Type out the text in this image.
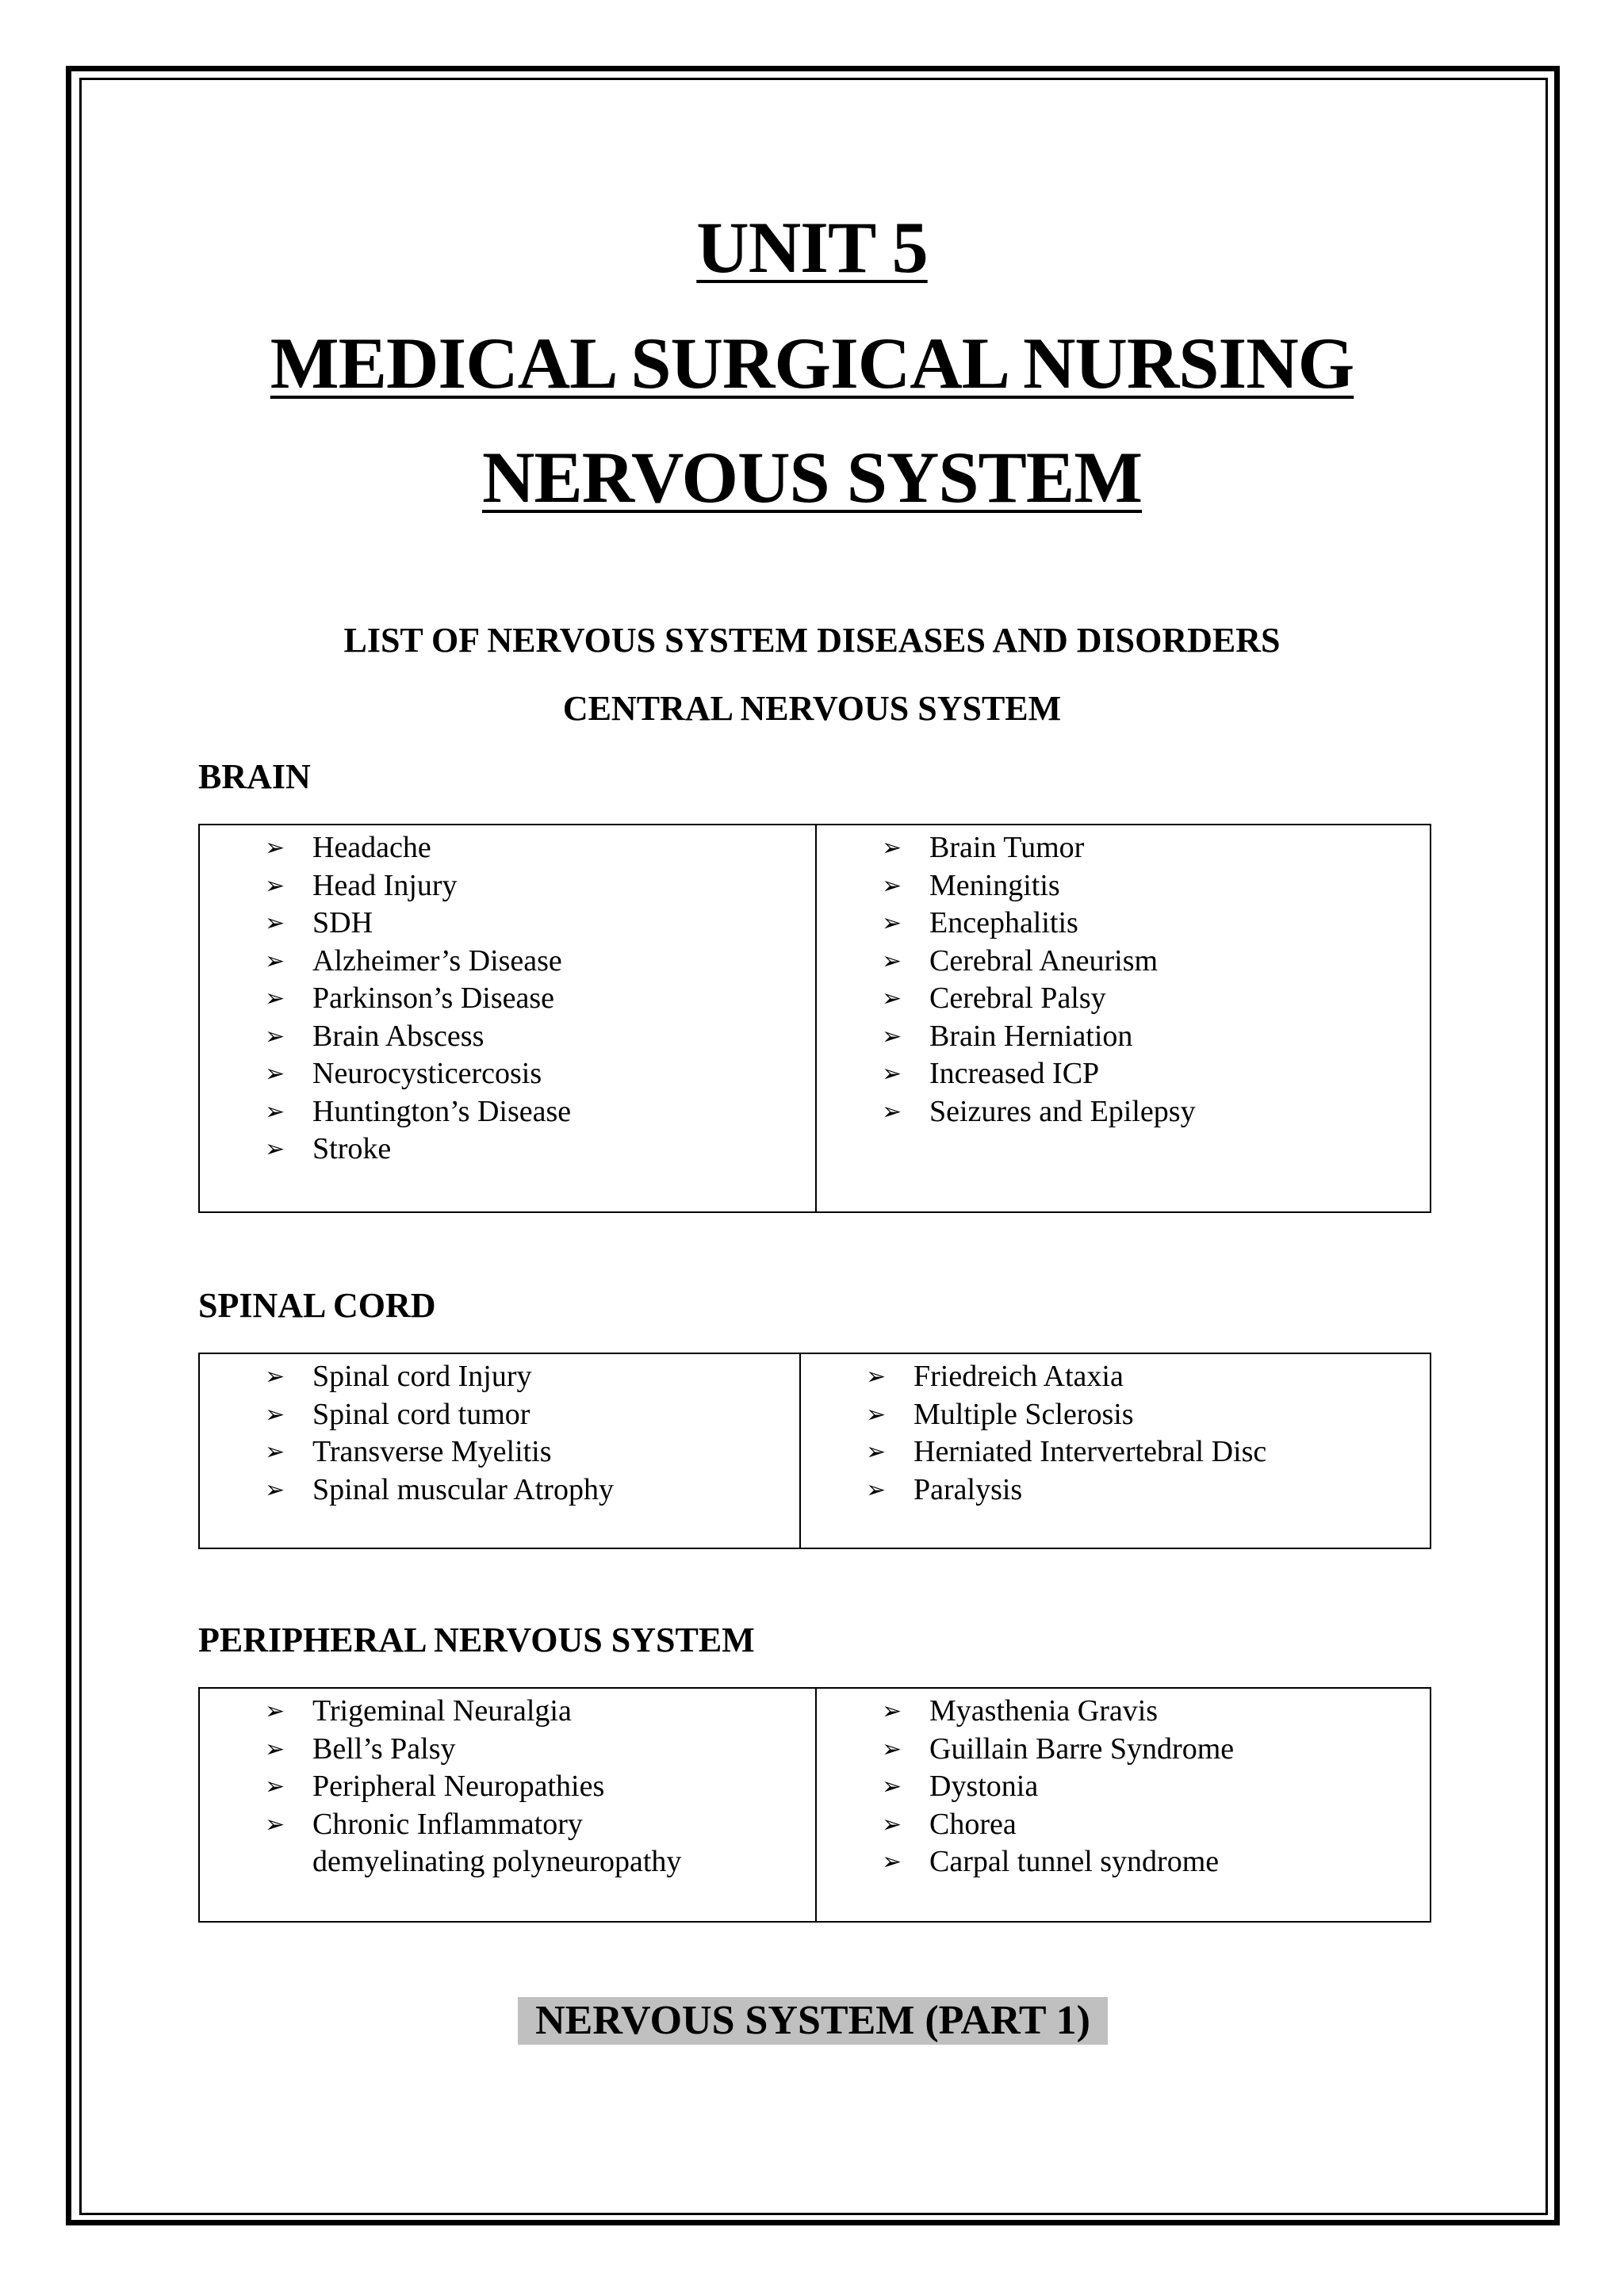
UNIT 5
MEDICAL SURGICAL NURSING
NERVOUS SYSTEM
LIST OF NERVOUS SYSTEM DISEASES AND DISORDERS
CENTRAL NERVOUS SYSTEM
BRAIN
➢ Headache
➢ Head Injury
➢ SDH
➢ Alzheimer’s Disease
➢ Parkinson’s Disease
➢ Brain Abscess
➢ Neurocysticercosis
➢ Huntington’s Disease
➢ Stroke
➢ Brain Tumor
➢ Meningitis
➢ Encephalitis
➢ Cerebral Aneurism
➢ Cerebral Palsy
➢ Brain Herniation
➢ Increased ICP
➢ Seizures and Epilepsy
SPINAL CORD
➢ Spinal cord Injury
➢ Spinal cord tumor
➢ Transverse Myelitis
➢ Spinal muscular Atrophy
➢ Friedreich Ataxia
➢ Multiple Sclerosis
➢ Herniated Intervertebral Disc
➢ Paralysis
PERIPHERAL NERVOUS SYSTEM
➢ Trigeminal Neuralgia
➢ Bell’s Palsy
➢ Peripheral Neuropathies
➢ Chronic Inflammatory
demyelinating polyneuropathy
➢ Myasthenia Gravis
➢ Guillain Barre Syndrome
➢ Dystonia
➢ Chorea
➢ Carpal tunnel syndrome
NERVOUS SYSTEM (PART 1)
